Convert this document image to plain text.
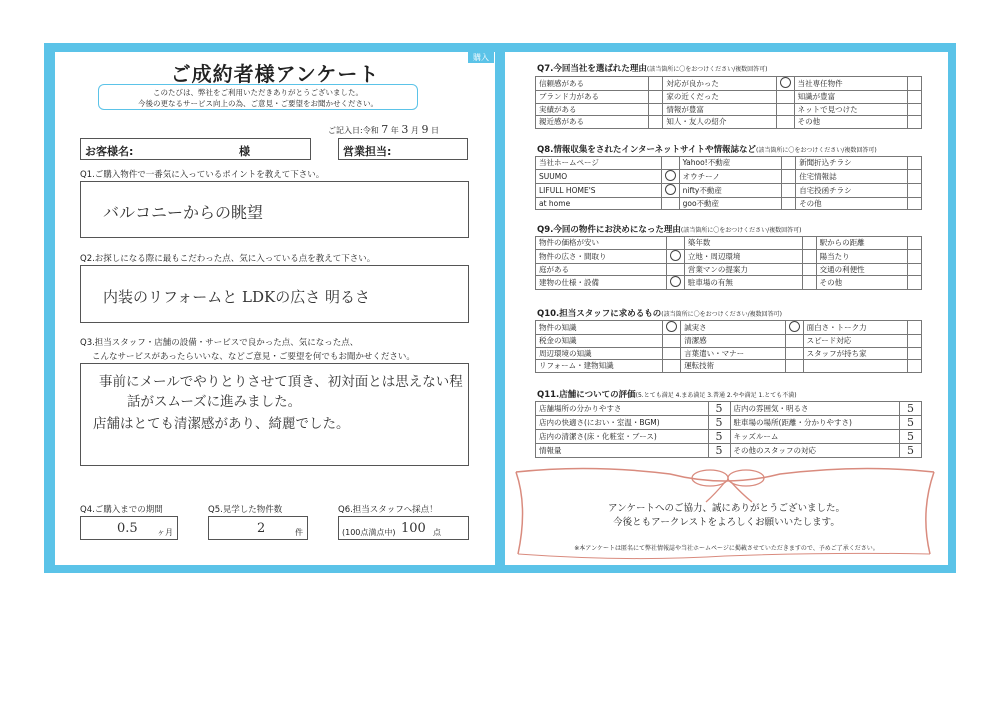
購入
ご成約者様アンケート
このたびは、弊社をご利用いただきありがとうございました。
今後の更なるサービス向上の為、ご意見・ご要望をお聞かせください。
ご記入日:令和 7 年 3 月 9 日
お客様名:	様	営業担当:
Q1.ご購入物件で一番気に入っているポイントを教えて下さい。
バルコニーからの眺望
Q2.お探しになる際に最もこだわった点、気に入っている点を教えて下さい。
内装のリフォームと LDKの広さ 明るさ
Q3.担当スタッフ・店舗の設備・サービスで良かった点、気になった点、
こんなサービスがあったらいいな、などご意見・ご要望を何でもお聞かせください。
事前にメールでやりとりさせて頂き、初対面とは思えない程
話がスムーズに進みました。
店舗はとても清潔感があり、綺麗でした。
Q4.ご購入までの期間
0.5 ヶ月
Q5.見学した物件数
2	件
Q6.担当スタッフへ採点！
(100点満点中) 100 点
Q7.今回当社を選ばれた理由(該当箇所に〇をおつけください/複数回答可)
信頼感がある		対応が良かった		当社専任物件	
ブランド力がある		家の近くだった		知識が豊富	
実績がある		情報が豊富		ネットで見つけた	
親近感がある		知人・友人の紹介		その他	
Q8.情報収集をされたインターネットサイトや情報誌など(該当箇所に〇をおつけください/複数回答可)
当社ホームページ		Yahoo!不動産		新聞折込チラシ	
SUUMO		オウチーノ		住宅情報誌	
LIFULL HOME'S		nifty不動産		自宅投函チラシ	
at home		goo不動産		その他	
Q9.今回の物件にお決めになった理由(該当箇所に〇をおつけください/複数回答可)
物件の価格が安い		築年数		駅からの距離	
物件の広さ・間取り		立地・周辺環境		陽当たり	
庭がある		営業マンの提案力		交通の利便性	
建物の仕様・設備		駐車場の有無		その他	
Q10.担当スタッフに求めるもの(該当箇所に〇をおつけください/複数回答可)
物件の知識		誠実さ		面白さ・トーク力	
税金の知識		清潔感		スピード対応	
周辺環境の知識		言葉遣い・マナー		スタッフが持ち家	
リフォーム・建物知識		運転技術			
Q11.店舗についての評価(5.とても満足 4.まあ満足 3.普通 2.やや満足 1.とても不満)
店舗場所の分かりやすさ	5	店内の雰囲気・明るさ	5
店内の快適さ(におい・室温・BGM)	5	駐車場の場所(距離・分かりやすさ)	5
店内の清潔さ(床・化粧室・ブース)	5	キッズルーム	5
情報量	5	その他のスタッフの対応	5
アンケートへのご協力、誠にありがとうございました。
今後ともアークレストをよろしくお願いいたします。
※本アンケートは匿名にて弊社情報誌や当社ホームページに掲載させていただきますので、予めご了承ください。
